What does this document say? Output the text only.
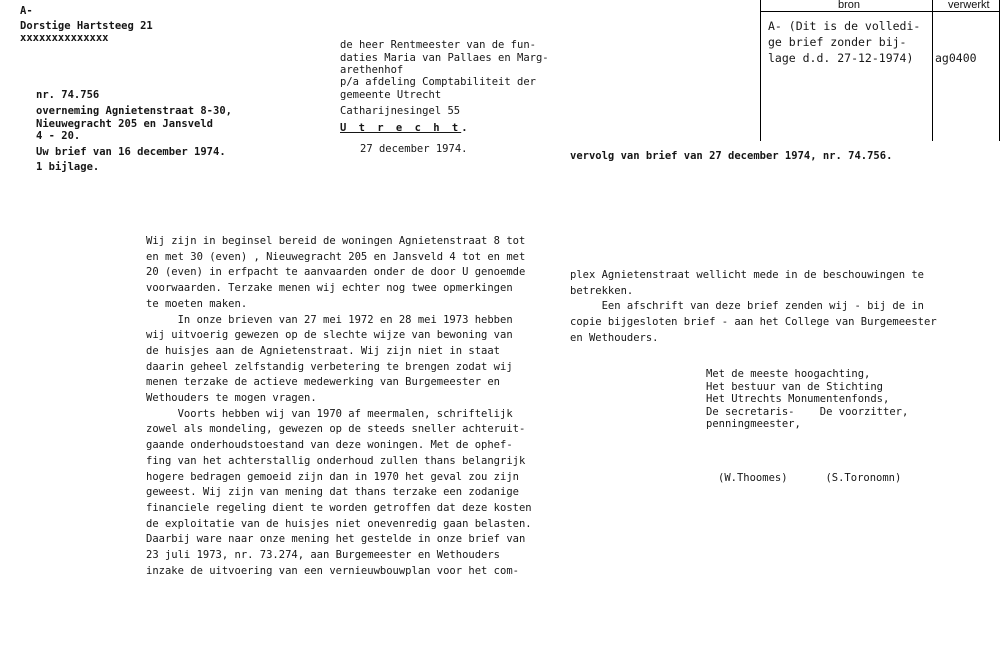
A-
Dorstige Hartsteeg 21
xxxxxxxxxxxxxx
nr. 74.756
overneming Agnietenstraat 8-30,
Nieuwegracht 205 en Jansveld
4 - 20.
Uw brief van 16 december 1974.
1 bijlage.
de heer Rentmeester van de fun-
daties Maria van Pallaes en Marg-
arethenhof
p/a afdeling Comptabiliteit der
gemeente Utrecht
Catharijnesingel 55
U t r e c h t.
27 december 1974.
bron	verwerkt
A- (Dit is de volledi-
ge brief zonder bij-
lage d.d. 27-12-1974)	ag0400
vervolg van brief van 27 december 1974, nr. 74.756.
Wij zijn in beginsel bereid de woningen Agnietenstraat 8 tot
en met 30 (even) , Nieuwegracht 205 en Jansveld 4 tot en met
20 (even) in erfpacht te aanvaarden onder de door U genoemde
voorwaarden. Terzake menen wij echter nog twee opmerkingen
te moeten maken.
In onze brieven van 27 mei 1972 en 28 mei 1973 hebben
wij uitvoerig gewezen op de slechte wijze van bewoning van
de huisjes aan de Agnietenstraat. Wij zijn niet in staat
daarin geheel zelfstandig verbetering te brengen zodat wij
menen terzake de actieve medewerking van Burgemeester en
Wethouders te mogen vragen.
Voorts hebben wij van 1970 af meermalen, schriftelijk
zowel als mondeling, gewezen op de steeds sneller achteruit-
gaande onderhoudstoestand van deze woningen. Met de ophef-
fing van het achterstallig onderhoud zullen thans belangrijk
hogere bedragen gemoeid zijn dan in 1970 het geval zou zijn
geweest. Wij zijn van mening dat thans terzake een zodanige
financiele regeling dient te worden getroffen dat deze kosten
de exploitatie van de huisjes niet onevenredig gaan belasten.
Daarbij ware naar onze mening het gestelde in onze brief van
23 juli 1973, nr. 73.274, aan Burgemeester en Wethouders
inzake de uitvoering van een vernieuwbouwplan voor het com-
plex Agnietenstraat wellicht mede in de beschouwingen te
betrekken.
Een afschrift van deze brief zenden wij - bij de in
copie bijgesloten brief - aan het College van Burgemeester
en Wethouders.
Met de meeste hoogachting,
Het bestuur van de Stichting
Het Utrechts Monumentenfonds,
De secretaris-    De voorzitter,
penningmeester,
(W.Thoomes)      (S.Toronomn)
